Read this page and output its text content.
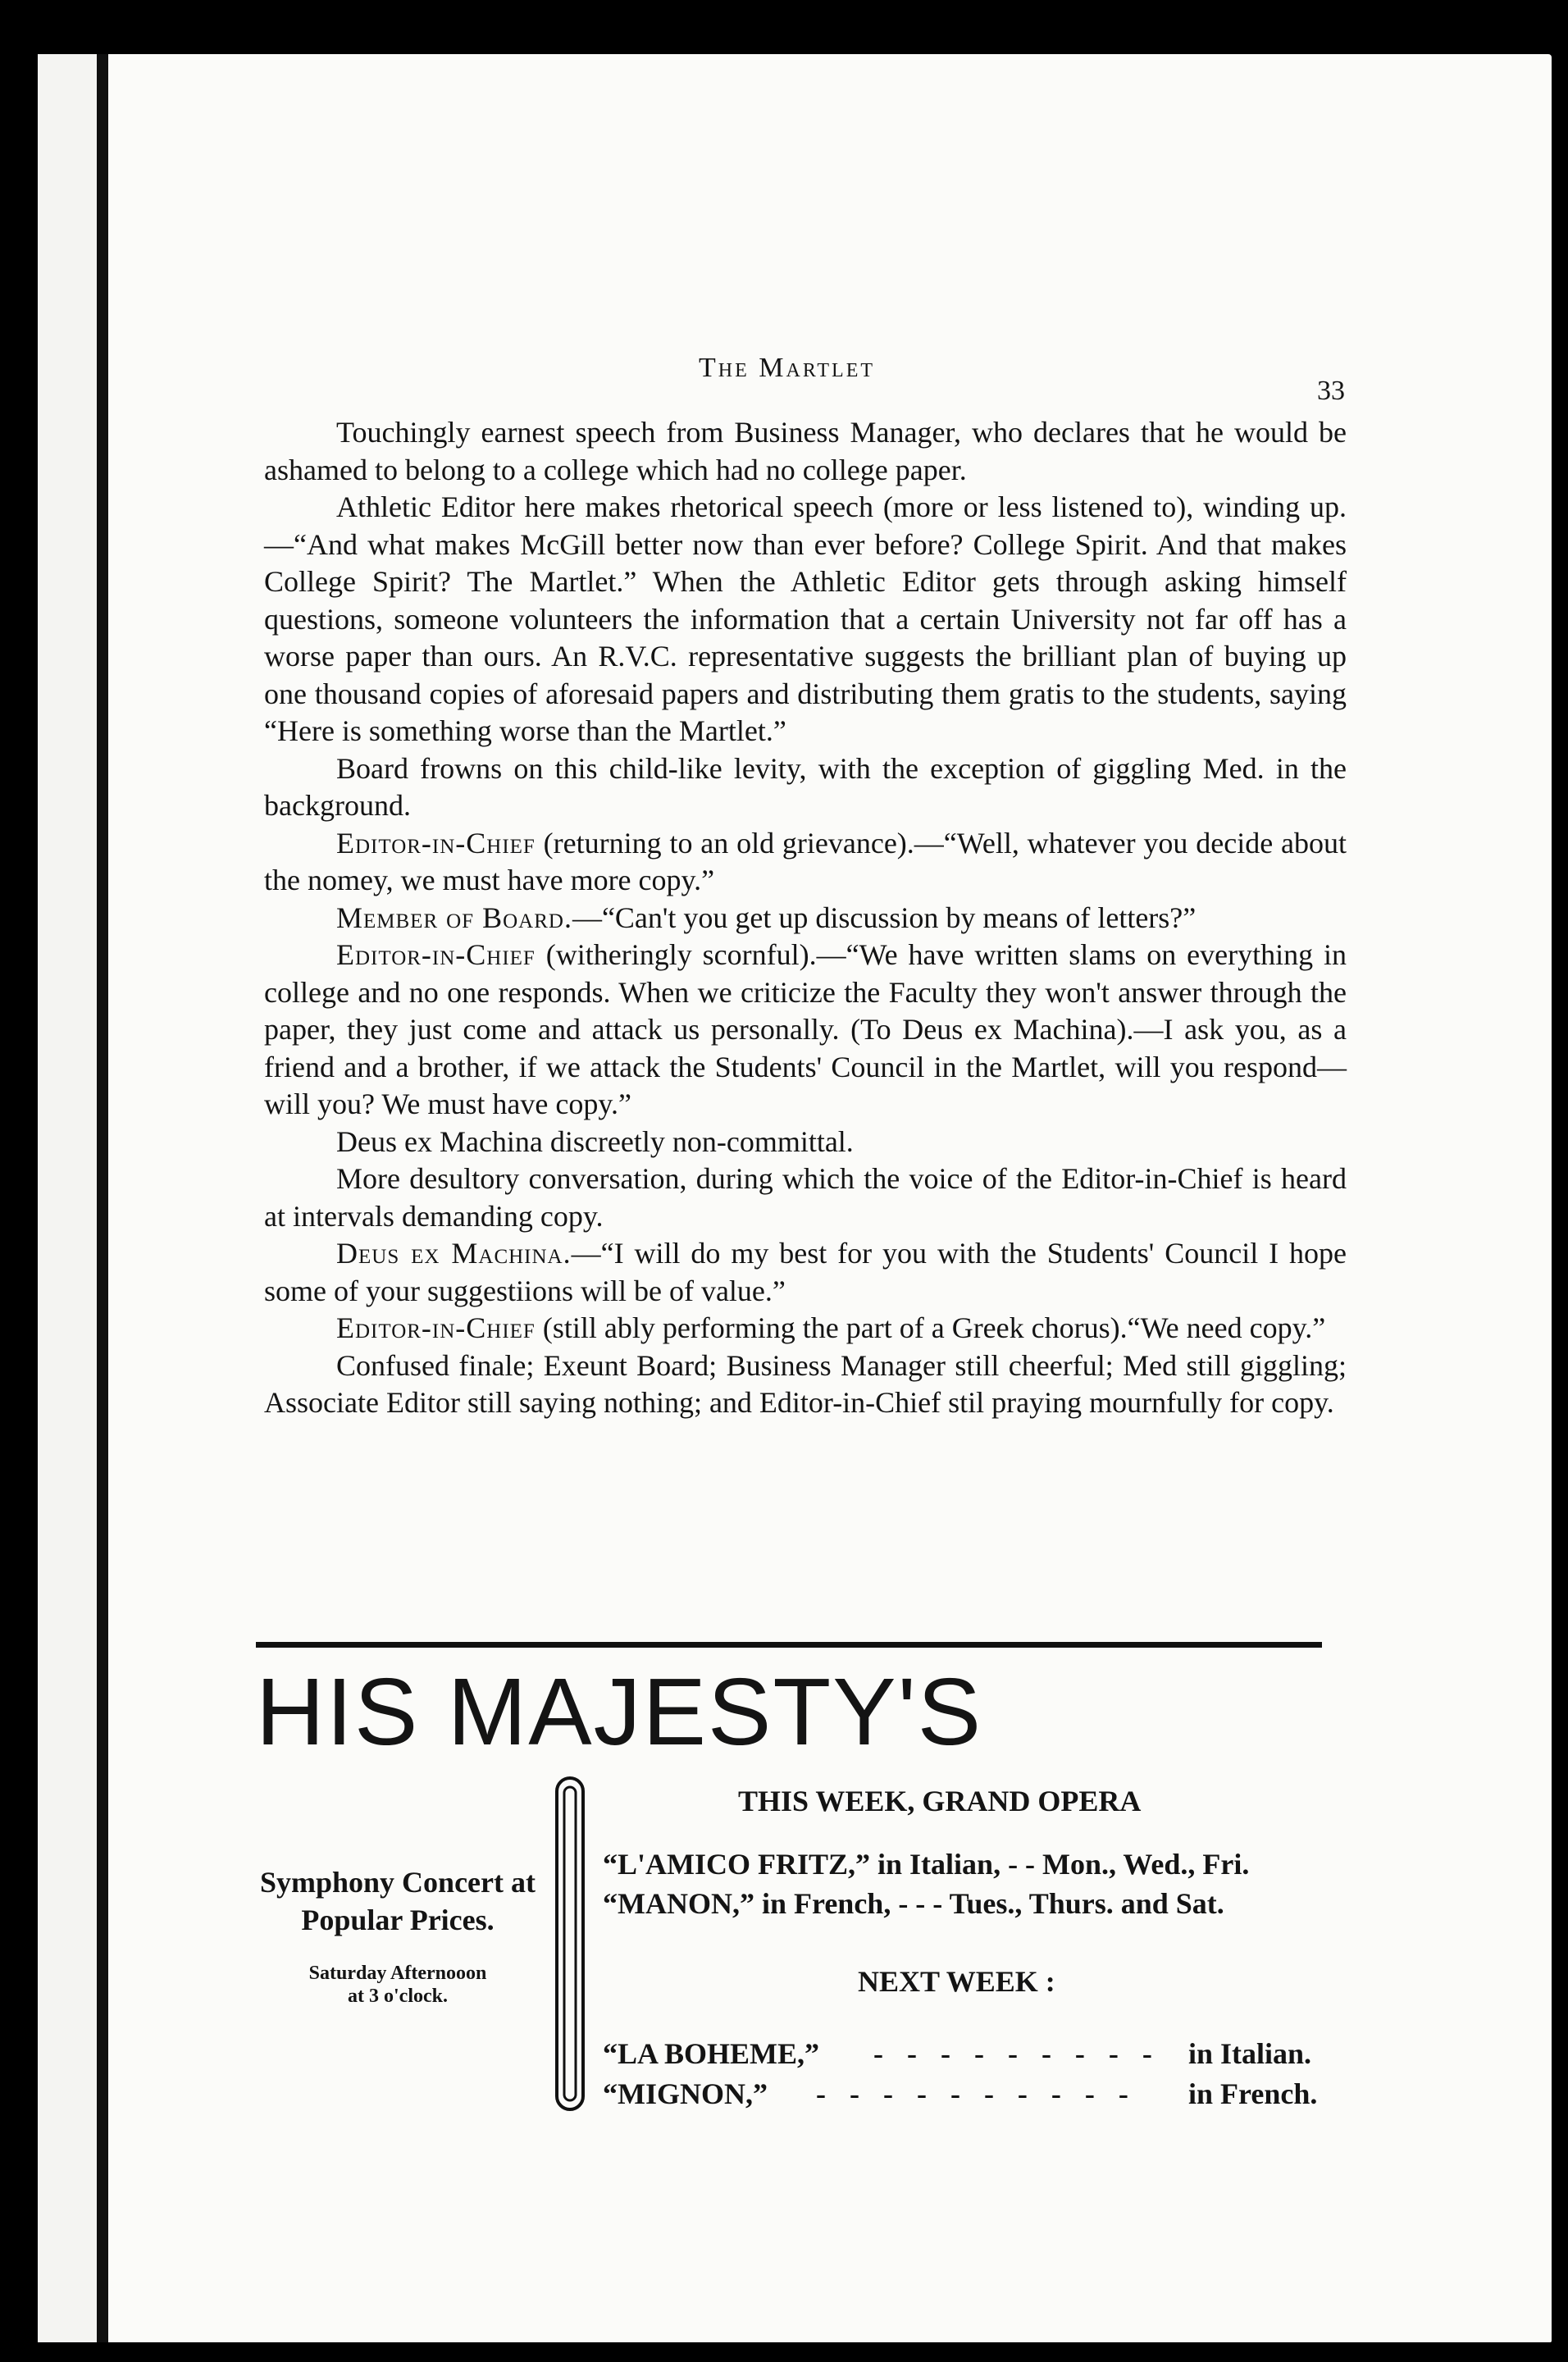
The Martlet
33

Touchingly earnest speech from Business Manager, who declares that he would be ashamed to belong to a college which had no college paper.

Athletic Editor here makes rhetorical speech (more or less listened to), winding up.—“And what makes McGill better now than ever before? College Spirit. And that makes College Spirit? The Martlet.” When the Athletic Editor gets through asking himself questions, someone volunteers the information that a certain University not far off has a worse paper than ours. An R.V.C. representative suggests the brilliant plan of buying up one thousand copies of aforesaid papers and distributing them gratis to the students, saying “Here is something worse than the Martlet.”

Board frowns on this child-like levity, with the exception of giggling Med. in the background.

Editor-in-Chief (returning to an old grievance).—“Well, whatever you decide about the nomey, we must have more copy.”

Member of Board.—“Can't you get up discussion by means of letters?”

Editor-in-Chief (witheringly scornful).—“We have written slams on everything in college and no one responds. When we criticize the Faculty they won't answer through the paper, they just come and attack us personally. (To Deus ex Machina).—I ask you, as a friend and a brother, if we attack the Students' Council in the Martlet, will you respond—will you? We must have copy.”

Deus ex Machina discreetly non-committal.

More desultory conversation, during which the voice of the Editor-in-Chief is heard at intervals demanding copy.

Deus ex Machina.—“I will do my best for you with the Students' Council I hope some of your suggestiions will be of value.”

Editor-in-Chief (still ably performing the part of a Greek chorus).“We need copy.”

Confused finale; Exeunt Board; Business Manager still cheerful; Med still giggling; Associate Editor still saying nothing; and Editor-in-Chief stil praying mournfully for copy.

HIS MAJESTY'S
Symphony Concert at
Popular Prices.
Saturday Afternooon
at 3 o'clock.
THIS WEEK, GRAND OPERA
“L'AMICO FRITZ,” in Italian, - - Mon., Wed., Fri.
“MANON,” in French, - - - Tues., Thurs. and Sat.
NEXT WEEK :
“LA BOHEME,” - - - - - - - - - in Italian.
“MIGNON,” - - - - - - - - - - in French.
